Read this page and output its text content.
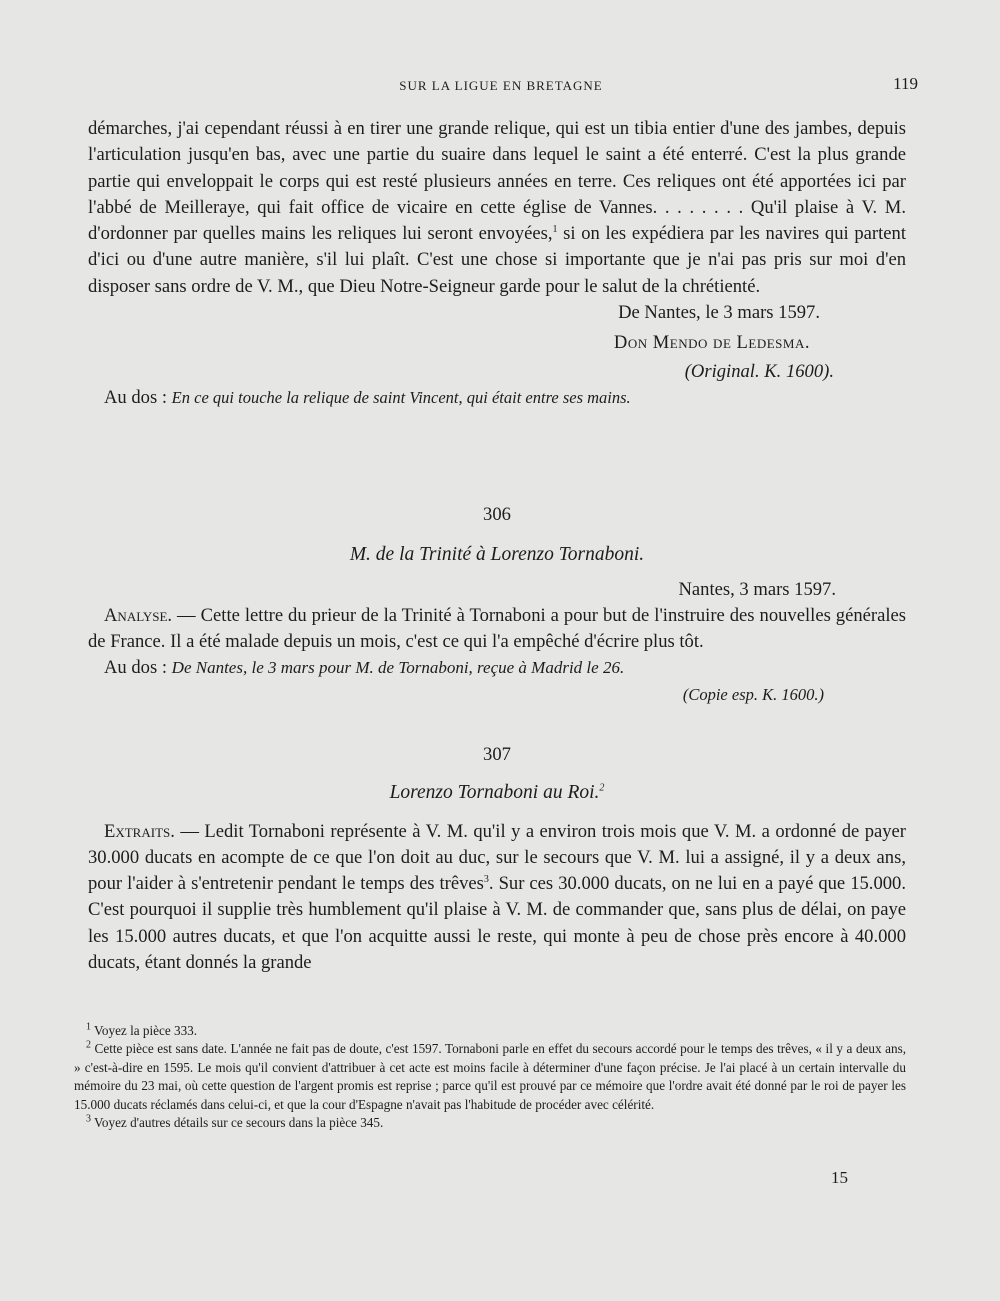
SUR LA LIGUE EN BRETAGNE	119

démarches, j'ai cependant réussi à en tirer une grande relique, qui est un tibia entier d'une des jambes, depuis l'articulation jusqu'en bas, avec une partie du suaire dans lequel le saint a été enterré. C'est la plus grande partie qui enveloppait le corps qui est resté plusieurs années en terre. Ces reliques ont été apportées ici par l'abbé de Meilleraye, qui fait office de vicaire en cette église de Vannes. . . . . . . . Qu'il plaise à V. M. d'ordonner par quelles mains les reliques lui seront envoyées,$^1$ si on les expédiera par les navires qui partent d'ici ou d'une autre manière, s'il lui plaît. C'est une chose si importante que je n'ai pas pris sur moi d'en disposer sans ordre de V. M., que Dieu Notre-Seigneur garde pour le salut de la chrétienté.

De Nantes, le 3 mars 1597.

Don Mendo de Ledesma.

(Original. K. 1600).

Au dos : En ce qui touche la relique de saint Vincent, qui était entre ses mains.

306

M. de la Trinité à Lorenzo Tornaboni.

Nantes, 3 mars 1597.

Analyse. — Cette lettre du prieur de la Trinité à Tornaboni a pour but de l'instruire des nouvelles générales de France. Il a été malade depuis un mois, c'est ce qui l'a empêché d'écrire plus tôt.

Au dos : De Nantes, le 3 mars pour M. de Tornaboni, reçue à Madrid le 26.

(Copie esp. K. 1600.)

307

Lorenzo Tornaboni au Roi.$^2$

Extraits. — Ledit Tornaboni représente à V. M. qu'il y a environ trois mois que V. M. a ordonné de payer 30.000 ducats en acompte de ce que l'on doit au duc, sur le secours que V. M. lui a assigné, il y a deux ans, pour l'aider à s'entretenir pendant le temps des trêves$^3$. Sur ces 30.000 ducats, on ne lui en a payé que 15.000. C'est pourquoi il supplie très humblement qu'il plaise à V. M. de commander que, sans plus de délai, on paye les 15.000 autres ducats, et que l'on acquitte aussi le reste, qui monte à peu de chose près encore à 40.000 ducats, étant donnés la grande

$^1$ Voyez la pièce 333.

$^2$ Cette pièce est sans date. L'année ne fait pas de doute, c'est 1597. Tornaboni parle en effet du secours accordé pour le temps des trêves, « il y a deux ans, » c'est-à-dire en 1595. Le mois qu'il convient d'attribuer à cet acte est moins facile à déterminer d'une façon précise. Je l'ai placé à un certain intervalle du mémoire du 23 mai, où cette question de l'argent promis est reprise ; parce qu'il est prouvé par ce mémoire que l'ordre avait été donné par le roi de payer les 15.000 ducats réclamés dans celui-ci, et que la cour d'Espagne n'avait pas l'habitude de procéder avec célérité.

$^3$ Voyez d'autres détails sur ce secours dans la pièce 345.

15
